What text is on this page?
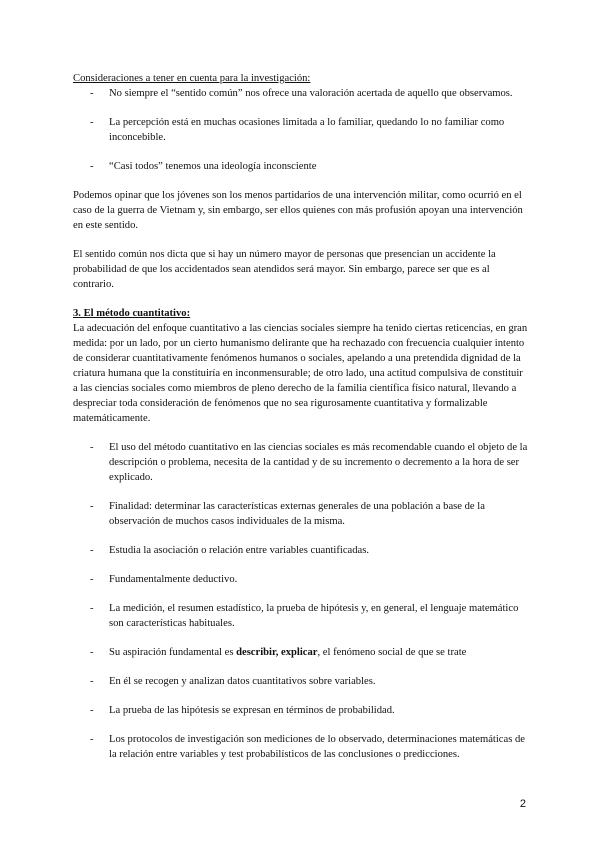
Consideraciones a tener en cuenta para la investigación:

- No siempre el “sentido común” nos ofrece una valoración acertada de aquello que observamos.
- La percepción está en muchas ocasiones limitada a lo familiar, quedando lo no familiar como inconcebible.
- “Casi todos” tenemos una ideología inconsciente

Podemos opinar que los jóvenes son los menos partidarios de una intervención militar, como ocurrió en el caso de la guerra de Vietnam y, sin embargo, ser ellos quienes con más profusión apoyan una intervención en este sentido.

El sentido común nos dicta que si hay un número mayor de personas que presencian un accidente la probabilidad de que los accidentados sean atendidos será mayor. Sin embargo, parece ser que es al contrario.

3. El método cuantitativo:

La adecuación del enfoque cuantitativo a las ciencias sociales siempre ha tenido ciertas reticencias, en gran medida: por un lado, por un cierto humanismo delirante que ha rechazado con frecuencia cualquier intento de considerar cuantitativamente fenómenos humanos o sociales, apelando a una pretendida dignidad de la criatura humana que la constituiría en inconmensurable; de otro lado, una actitud compulsiva de constituir a las ciencias sociales como miembros de pleno derecho de la familia científica físico natural, llevando a despreciar toda consideración de fenómenos que no sea rigurosamente cuantitativa y formalizable matemáticamente.

- El uso del método cuantitativo en las ciencias sociales es más recomendable cuando el objeto de la descripción o problema, necesita de la cantidad y de su incremento o decremento a la hora de ser explicado.
- Finalidad: determinar las características externas generales de una población a base de la observación de muchos casos individuales de la misma.
- Estudia la asociación o relación entre variables cuantificadas.
- Fundamentalmente deductivo.
- La medición, el resumen estadístico, la prueba de hipótesis y, en general, el lenguaje matemático son características habituales.
- Su aspiración fundamental es describir, explicar, el fenómeno social de que se trate
- En él se recogen y analizan datos cuantitativos sobre variables.
- La prueba de las hipótesis se expresan en términos de probabilidad.
- Los protocolos de investigación son mediciones de lo observado, determinaciones matemáticas de la relación entre variables y test probabilísticos de las conclusiones o predicciones.
2
